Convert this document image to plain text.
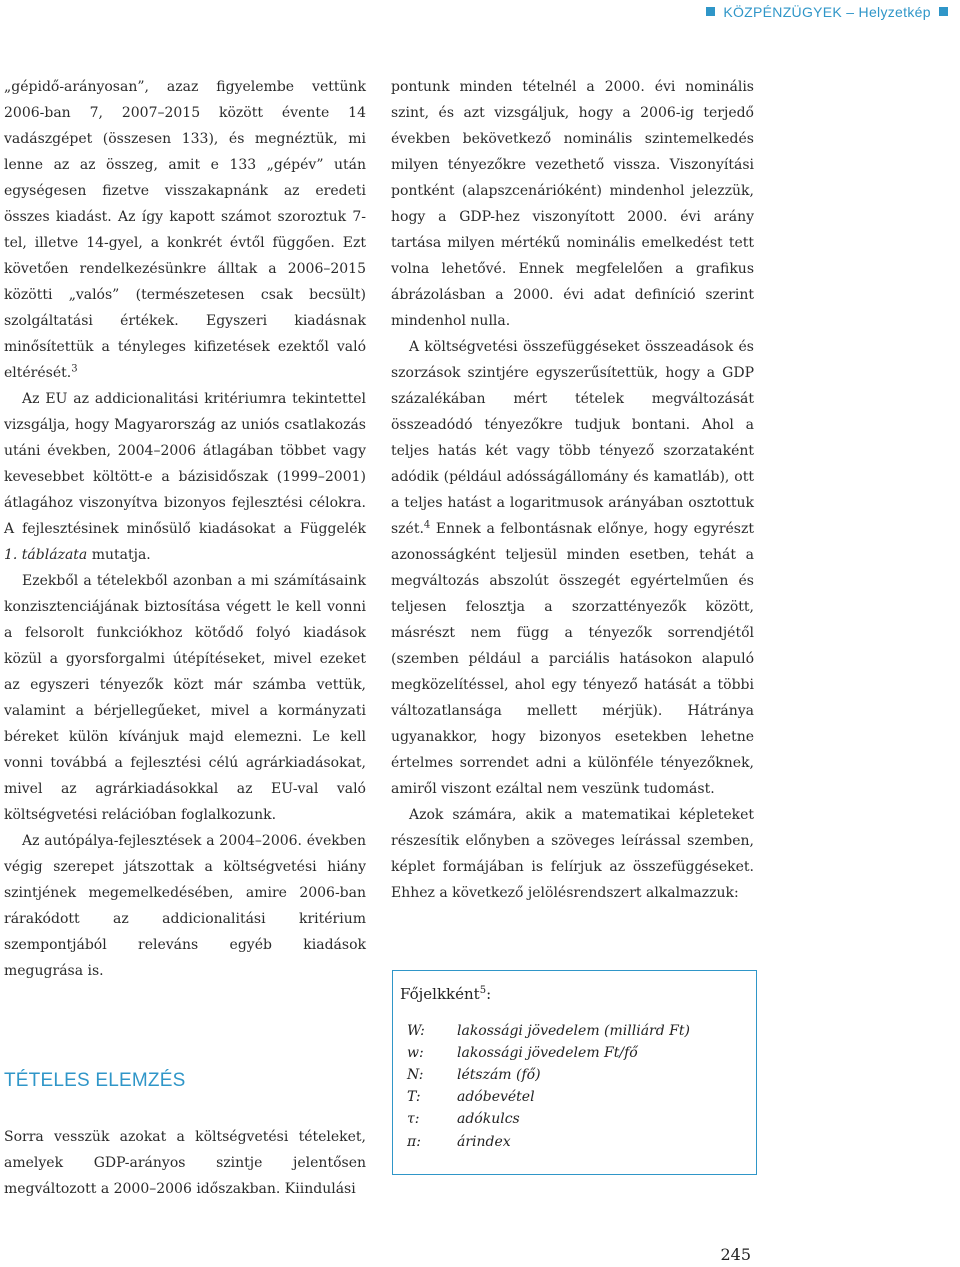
KÖZPÉNZÜGYEK – Helyzetkép

„gépidő-arányosan”, azaz figyelembe vettünk 2006-ban 7, 2007–2015 között évente 14 vadászgépet (összesen 133), és megnéztük, mi lenne az az összeg, amit e 133 „gépév” után egységesen fizetve visszakapnánk az eredeti összes kiadást. Az így kapott számot szoroztuk 7-tel, illetve 14-gyel, a konkrét évtől függően. Ezt követően rendelkezésünkre álltak a 2006–2015 közötti „valós” (természetesen csak becsült) szolgáltatási értékek. Egyszeri kiadásnak minősítettük a tényleges kifizetések ezektől való eltérését.$^3$

Az EU az addicionalitási kritériumra tekintettel vizsgálja, hogy Magyarország az uniós csatlakozás utáni években, 2004–2006 átlagában többet vagy kevesebbet költött-e a bázisidőszak (1999–2001) átlagához viszonyítva bizonyos fejlesztési célokra. A fejlesztésinek minősülő kiadásokat a Függelék 1. táblázata mutatja.

Ezekből a tételekből azonban a mi számításaink konzisztenciájának biztosítása végett le kell vonni a felsorolt funkciókhoz kötődő folyó kiadások közül a gyorsforgalmi útépítéseket, mivel ezeket az egyszeri tényezők közt már számba vettük, valamint a bérjellegűeket, mivel a kormányzati béreket külön kívánjuk majd elemezni. Le kell vonni továbbá a fejlesztési célú agrárkiadásokat, mivel az agrárkiadásokkal az EU-val való költségvetési relációban foglalkozunk.

Az autópálya-fejlesztések a 2004–2006. években végig szerepet játszottak a költségvetési hiány szintjének megemelkedésében, amire 2006-ban rárakódott az addicionalitási kritérium szempontjából releváns egyéb kiadások megugrása is.

TÉTELES ELEMZÉS

Sorra vesszük azokat a költségvetési tételeket, amelyek GDP-arányos szintje jelentősen megváltozott a 2000–2006 időszakban. Kiindulási

pontunk minden tételnél a 2000. évi nominális szint, és azt vizsgáljuk, hogy a 2006-ig terjedő években bekövetkező nominális szintemelkedés milyen tényezőkre vezethető vissza. Viszonyítási pontként (alapszcenárióként) mindenhol jelezzük, hogy a GDP-hez viszonyított 2000. évi arány tartása milyen mértékű nominális emelkedést tett volna lehetővé. Ennek megfelelően a grafikus ábrázolásban a 2000. évi adat definíció szerint mindenhol nulla.

A költségvetési összefüggéseket összeadások és szorzások szintjére egyszerűsítettük, hogy a GDP százalékában mért tételek megváltozását összeadódó tényezőkre tudjuk bontani. Ahol a teljes hatás két vagy több tényező szorzataként adódik (például adósságállomány és kamatláb), ott a teljes hatást a logaritmusok arányában osztottuk szét.$^4$ Ennek a felbontásnak előnye, hogy egyrészt azonosságként teljesül minden esetben, tehát a megváltozás abszolút összegét egyértelműen és teljesen felosztja a szorzattényezők között, másrészt nem függ a tényezők sorrendjétől (szemben például a parciális hatásokon alapuló megközelítéssel, ahol egy tényező hatását a többi változatlansága mellett mérjük). Hátránya ugyanakkor, hogy bizonyos esetekben lehetne értelmes sorrendet adni a különféle tényezőknek, amiről viszont ezáltal nem veszünk tudomást.

Azok számára, akik a matematikai képleteket részesítik előnyben a szöveges leírással szemben, képlet formájában is felírjuk az összefüggéseket. Ehhez a következő jelölésrendszert alkalmazzuk:

Főjelkként$^5$:
W: lakossági jövedelem (milliárd Ft)
w: lakossági jövedelem Ft/fő
N: létszám (fő)
T:	adóbevétel
τ:	adókulcs
π:	árindex
245
